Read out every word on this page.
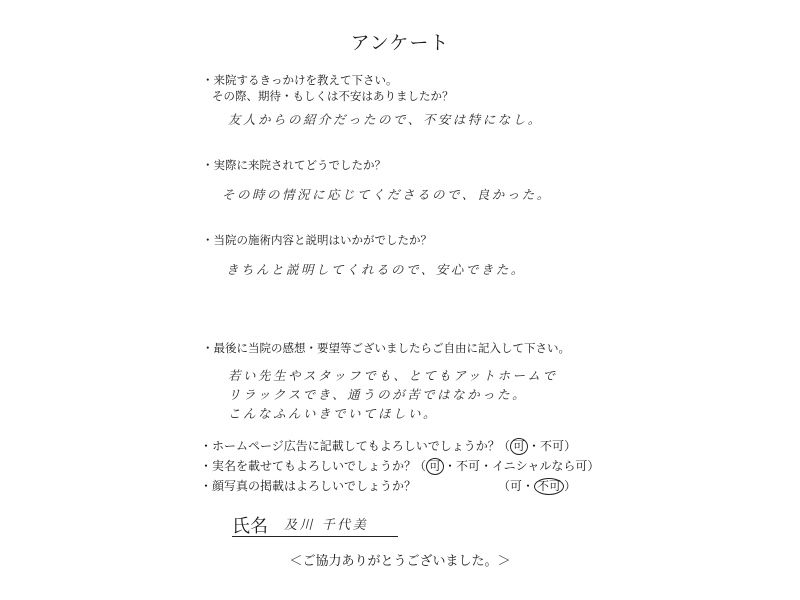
アンケート
・来院するきっかけを教えて下さい。
その際、期待・もしくは不安はありましたか？
友人からの紹介だったので、不安は特になし。
・実際に来院されてどうでしたか？
その時の情況に応じてくださるので、良かった。
・当院の施術内容と説明はいかがでしたか？
きちんと説明してくれるので、安心できた。
・最後に当院の感想・要望等ございましたらご自由に記入して下さい。
若い先生やスタッフでも、とてもアットホームで
リラックスでき、通うのが苦ではなかった。
こんなふんいきでいてほしい。
・ホームページ広告に記載してもよろしいでしょうか？
（ 可 ・不可）
・実名を載せてもよろしいでしょうか？
（ 可 ・不可・イニシャルなら可）
・顔写真の掲載はよろしいでしょうか？	（可・ 不可 ）
氏名 及川 千代美
＜ご協力ありがとうございました。＞
